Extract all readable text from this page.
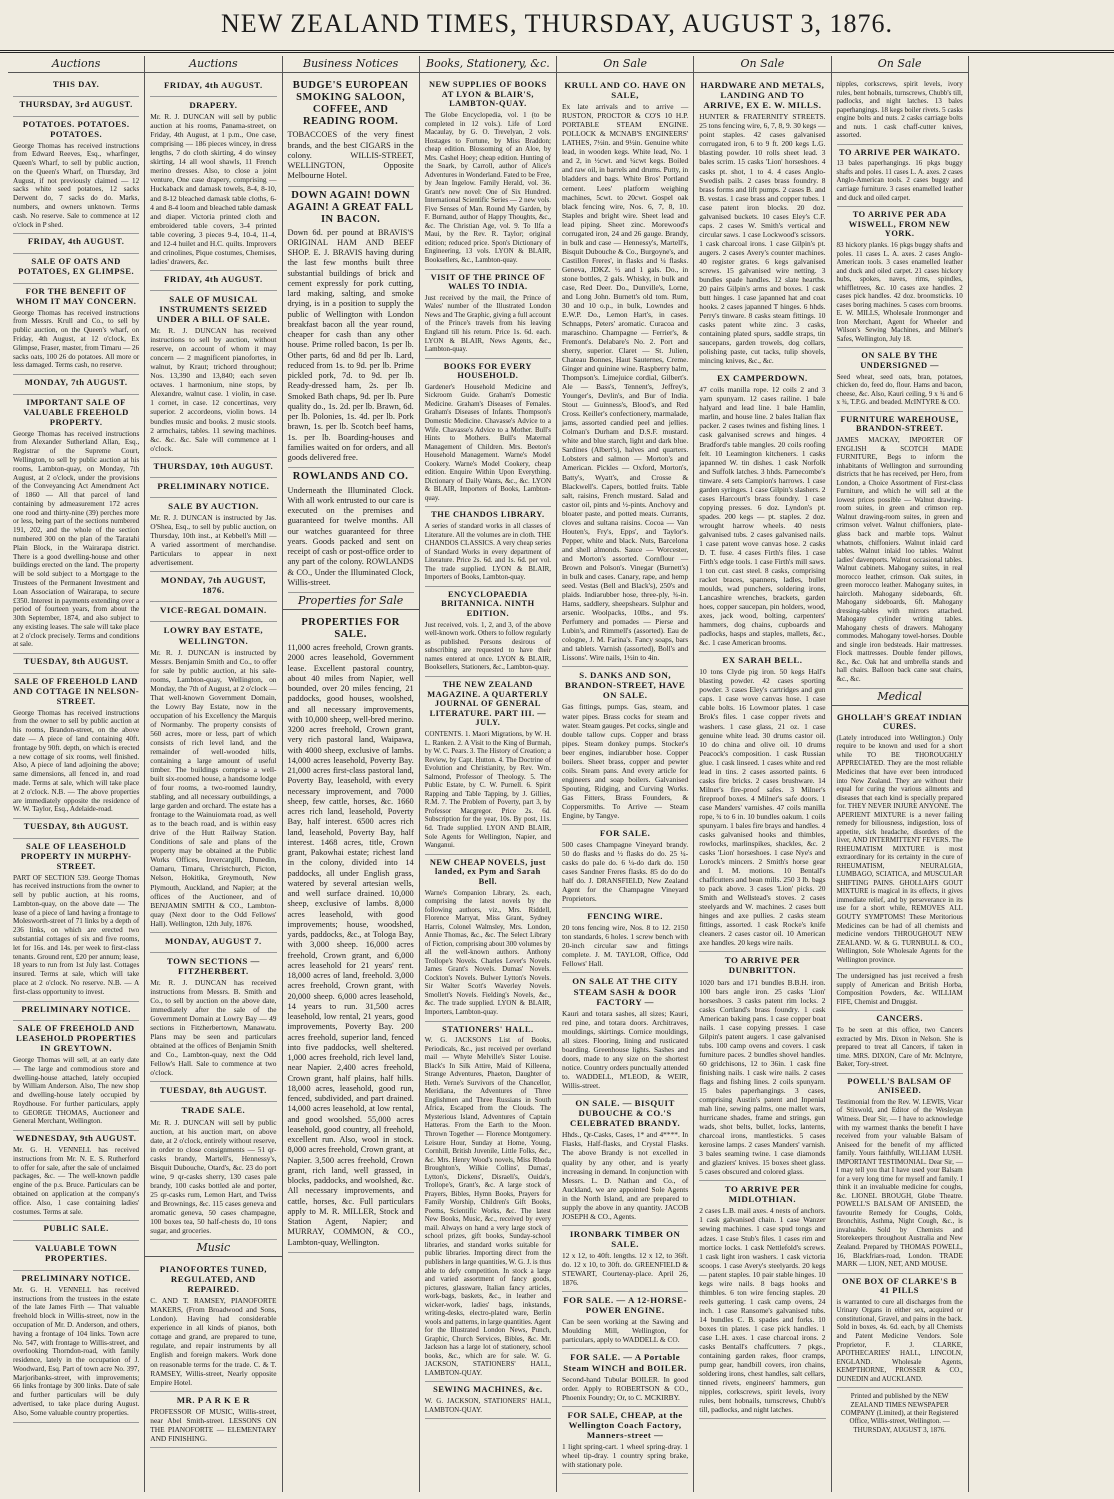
NEW ZEALAND TIMES, THURSDAY, AUGUST 3, 1876.
Auctions
THIS DAY.
THURSDAY, 3rd AUGUST.
POTATOES. POTATOES. POTATOES.
George Thomas has received instructions from Edward Reeves, Esq., wharfinger, Queen's Wharf, to sell by public auction, on the Queen's Wharf, on Thursday, 3rd August, if not previously claimed — 12 sacks white seed potatoes, 12 sacks Derwent do, 7 sacks do do. Marks, numbers, and owners unknown. Terms cash. No reserve. Sale to commence at 12 o'clock in P shed.
FRIDAY, 4th AUGUST.
SALE OF OATS AND POTATOES, EX GLIMPSE.
FOR THE BENEFIT OF WHOM IT MAY CONCERN.
George Thomas has received instructions from Messrs. Krull and Co., to sell by public auction, on the Queen's wharf, on Friday, 4th August, at 12 o'clock, Ex Glimpse, Fraser, master, from Timaru — 26 sacks oats, 100 26 do potatoes. All more or less damaged. Terms cash, no reserve.
MONDAY, 7th AUGUST.
IMPORTANT SALE OF VALUABLE FREEHOLD PROPERTY.
George Thomas has received instructions from Alexander Sutherland Allan, Esq., Registrar of the Supreme Court, Wellington, to sell by public auction at his rooms, Lambton-quay, on Monday, 7th August, at 2 o'clock, under the provisions of the Conveyancing Act Amendment Act of 1860 — All that parcel of land containing by admeasurement 172 acres one rood and thirty-nine (39) perches more or less, being part of the sections numbered 191, 202, and the whole of the section numbered 300 on the plan of the Taratahi Plain Block, in the Wairarapa district. There is a good dwelling-house and other buildings erected on the land. The property will be sold subject to a Mortgage to the Trustees of the Permanent Investment and Loan Association of Wairarapa, to secure £350. Interest in payments extending over a period of fourteen years, from about the 30th September, 1874, and also subject to any existing leases. The sale will take place at 2 o'clock precisely. Terms and conditions at sale.
TUESDAY, 8th AUGUST.
SALE OF FREEHOLD LAND AND COTTAGE IN NELSON-STREET.
George Thomas has received instructions from the owner to sell by public auction at his rooms, Brandon-street, on the above date — A piece of land containing 40ft. frontage by 90ft. depth, on which is erected a new cottage of six rooms, well finished. Also, A piece of land adjoining the above; same dimensions, all fenced in, and road made. Terms at sale, which will take place at 2 o'clock. N.B. — The above properties are immediately opposite the residence of W. W. Taylor, Esq., Adelaide-road.
TUESDAY, 8th AUGUST.
SALE OF LEASEHOLD PROPERTY IN MURPHY-STREET.
PART OF SECTION 539. George Thomas has received instructions from the owner to sell by public auction, at his rooms, Lambton-quay, on the above date — The lease of a piece of land having a frontage to Molesworth-street of 71 links by a depth of 236 links, on which are erected two substantial cottages of six and five rooms, let for 16s. and 14s. per week to first-class tenants. Ground rent, £20 per annum; lease, 18 years to run from 1st July last. Cottages insured. Terms at sale, which will take place at 2 o'clock. No reserve. N.B. — A first-class opportunity to invest.
PRELIMINARY NOTICE.
SALE OF FREEHOLD AND LEASEHOLD PROPERTIES IN GREYTOWN.
George Thomas will sell, at an early date — The large and commodious store and dwelling-house attached, lately occupied by William Anderson. Also, The new shop and dwelling-house lately occupied by Roydhouse. For further particulars, apply to GEORGE THOMAS, Auctioneer and General Merchant, Wellington.
WEDNESDAY, 9th AUGUST.
Mr. G. H. VENNELL has received instructions from Mr. N. E. S. Rutherford to offer for sale, after the sale of unclaimed packages, &c. — The well-known paddle engine of the p.s. Bruce. Particulars can be obtained on application at the company's office. Also, 1 case containing ladies' costumes. Terms at sale.
PUBLIC SALE.
VALUABLE TOWN PROPERTIES.
PRELIMINARY NOTICE.
Mr. G. H. VENNELL has received instructions from the trustees in the estate of the late James Firth — That valuable freehold block in Willis-street, now in the occupation of Mr. D. Anderson, and others, having a frontage of 104 links. Town acre No. 547, with frontage to Willis-street, and overlooking Thorndon-road, with family residence, lately in the occupation of J. Woodward, Esq. Part of town acre No. 397, Marjoribanks-street, with improvements; 66 links frontage by 300 links. Date of sale and further particulars will be duly advertised, to take place during August. Also, Some valuable country properties.
Auctions
FRIDAY, 4th AUGUST.
DRAPERY.
Mr. R. J. DUNCAN will sell by public auction at his rooms, Panama-street, on Friday, 4th August, at 1 p.m., One case, comprising — 186 pieces wincey, in dress lengths, 7 do cloth skirting, 4 do winsey skirting, 14 all wool shawls, 11 French merino dresses. Also, to close a joint venture, One case drapery, comprising — Huckaback and damask towels, 8-4, 8-10, and 8-12 bleached damask table cloths, 6-4 and 8-4 loom and bleached table damask and diaper. Victoria printed cloth and embroidered table covers, 3-4 printed table covering, 3 pieces 9-4, 10-4, 11-4, and 12-4 huilet and H.C. quilts. Improvers and crinolines, Pique costumes, Chemises, ladies' drawers, &c.
FRIDAY, 4th AUGUST.
SALE OF MUSICAL INSTRUMENTS SEIZED UNDER A BILL OF SALE.
Mr. R. J. DUNCAN has received instructions to sell by auction, without reserve, on account of whom it may concern — 2 magnificent pianofortes, in walnut, by Kraut; trichord throughout; Nos. 13,390 and 13,840; each seven octaves. 1 harmonium, nine stops, by Alexandre, walnut case. 1 violin, in case. 1 cornet, in case. 12 concertinas, very superior. 2 accordeons, violin bows. 14 bundles music and books. 2 music stools. 2 armchairs, tables. 11 sewing machines. &c. &c. &c. Sale will commence at 1 o'clock.
THURSDAY, 10th AUGUST.
PRELIMINARY NOTICE.
SALE BY AUCTION.
Mr. R. J. DUNCAN is instructed by Jas. O'Shea, Esq., to sell by public auction, on Thursday, 10th inst., at Kebbell's Mill — A varied assortment of merchandise. Particulars to appear in next advertisement.
MONDAY, 7th AUGUST, 1876.
VICE-REGAL DOMAIN.
LOWRY BAY ESTATE, WELLINGTON.
Mr. R. J. DUNCAN is instructed by Messrs. Benjamin Smith and Co., to offer for sale by public auction, at his sale-rooms, Lambton-quay, Wellington, on Monday, the 7th of August, at 2 o'clock — That well-known Government Domain, the Lowry Bay Estate, now in the occupation of his Excellency the Marquis of Normanby. The property consists of 560 acres, more or less, part of which consists of rich level land, and the remainder of well-wooded hills, containing a large amount of useful timber. The buildings comprise a well-built six-roomed house, a handsome lodge of four rooms, a two-roomed laundry, stabling, and all necessary outbuildings, a large garden and orchard. The estate has a frontage to the Wainuiomata road, as well as to the beach road, and is within easy drive of the Hutt Railway Station. Conditions of sale and plans of the property may be obtained at the Public Works Offices, Invercargill, Dunedin, Oamaru, Timaru, Christchurch, Picton, Nelson, Hokitika, Greymouth, New Plymouth, Auckland, and Napier; at the offices of the Auctioneer, and of BENJAMIN SMITH & CO., Lambton-quay (Next door to the Odd Fellows' Hall). Wellington, 12th July, 1876.
MONDAY, AUGUST 7.
TOWN SECTIONS — FITZHERBERT.
Mr. R. J. DUNCAN has received instructions from Messrs. B. Smith and Co., to sell by auction on the above date, immediately after the sale of the Government Domain at Lowry Bay — 49 sections in Fitzherbertown, Manawatu. Plans may be seen and particulars obtained at the offices of Benjamin Smith and Co., Lambton-quay, next the Odd Fellow's Hall. Sale to commence at two o'clock.
TUESDAY, 8th AUGUST.
TRADE SALE.
Mr. R. J. DUNCAN will sell by public auction, at his auction mart, on above date, at 2 o'clock, entirely without reserve, in order to close consignments — 51 qr-casks brandy, Martell's, Hennessy's, Bisquit Dubouche, Otard's, &c. 23 do port wine, 9 qr-casks sherry, 130 cases pale brandy, 100 casks bottled ale and porter, 25 qr-casks rum, Lemon Hart, and Twiss and Brownings, &c. 115 cases geneva and aromatic geneva, 50 cases champagne, 100 boxes tea, 50 half-chests do, 10 tons sugar, and groceries.
Music
PIANOFORTES TUNED, REGULATED, AND REPAIRED.
C. AND T. RAMSEY, PIANOFORTE MAKERS, (From Broadwood and Sons, London). Having had considerable experience in all kinds of pianos, both cottage and grand, are prepared to tune, regulate, and repair instruments by all English and foreign makers. Work done on reasonable terms for the trade. C. & T. RAMSEY, Willis-street, Nearly opposite Empire Hotel.
MR. P A R K E R
PROFESSOR OF MUSIC, Willis-street, near Abel Smith-street. LESSONS ON THE PIANOFORTE — ELEMENTARY AND FINISHING.
Business Notices
BUDGE'S EUROPEAN SMOKING SALOON, COFFEE, AND READING ROOM.
TOBACCOES of the very finest brands, and the best CIGARS in the colony. WILLIS-STREET, WELLINGTON, Opposite Melbourne Hotel.
DOWN AGAIN! DOWN AGAIN! A GREAT FALL IN BACON.
Down 6d. per pound at BRAVIS'S ORIGINAL HAM AND BEEF SHOP. E. J. BRAVIS having during the last few months built three substantial buildings of brick and cement expressly for pork cutting, lard making, salting, and smoke drying, is in a position to supply the public of Wellington with London breakfast bacon all the year round, cheaper for cash than any other house. Prime rolled bacon, 1s per lb. Other parts, 6d and 8d per lb. Lard, reduced from 1s. to 9d. per lb. Prime pickled pork, 7d. to 9d. per lb. Ready-dressed ham, 2s. per lb. Smoked Bath chaps, 9d. per lb. Pure quality do., 1s. 2d. per lb. Brawn, 6d. per lb. Polonies, 1s. 4d. per lb. Pork brawn, 1s. per lb. Scotch beef hams, 1s. per lb. Boarding-houses and families waited on for orders, and all goods delivered free.
ROWLANDS AND CO.
Underneath the Illuminated Clock. With all work entrusted to our care is executed on the premises and guaranteed for twelve months. All our watches guaranteed for three years. Goods packed and sent on receipt of cash or post-office order to any part of the colony. ROWLANDS & CO., Under the Illuminated Clock, Willis-street.
Properties for Sale
PROPERTIES FOR SALE.
11,000 acres freehold, Crown grants. 2000 acres leasehold, Government lease. Excellent pastoral country, about 40 miles from Napier, well bounded, over 20 miles fencing, 21 paddocks, good houses, woolshed, and all necessary improvements, with 10,000 sheep, well-bred merino. 3200 acres freehold, Crown grant, very rich pastoral land, Waipawa, with 4000 sheep, exclusive of lambs. 14,000 acres leasehold, Poverty Bay. 21,000 acres first-class pastoral land, Poverty Bay, leasehold, with every necessary improvement, and 7000 sheep, few cattle, horses, &c. 1660 acres rich land, leasehold, Poverty Bay, half interest. 6500 acres rich land, leasehold, Poverty Bay, half interest. 1468 acres, title, Crown grant, Pakowhai estate; richest land in the colony, divided into 14 paddocks, all under English grass, watered by several artesian wells, and well surface drained. 10,000 sheep, exclusive of lambs. 8,000 acres leasehold, with good improvements; house, woodshed, yards, paddocks, &c., at Tologa Bay, with 3,000 sheep. 16,000 acres freehold, Crown grant, and 6,000 acres leasehold for 21 years' rent. 18,000 acres of land, freehold. 3,000 acres freehold, Crown grant, with 20,000 sheep. 6,000 acres leasehold, 14 years to run. 31,500 acres leasehold, low rental, 21 years, good improvements, Poverty Bay. 200 acres freehold, superior land, fenced into five paddocks, well sheltered. 1,000 acres freehold, rich level land, near Napier. 2,400 acres freehold, Crown grant, half plains, half hills. 18,000 acres, leasehold, good run, fenced, subdivided, and part drained. 14,000 acres leasehold, at low rental, and good woolshed. 55,000 acres leasehold, good country, all freehold, excellent run. Also, wool in stock. 8,000 acres freehold, Crown grant, at Napier. 3,500 acres freehold, Crown grant, rich land, well grassed, in blocks, paddocks, and woolshed, &c. All necessary improvements, and cattle, horses, &c. Full particulars apply to M. R. MILLER, Stock and Station Agent, Napier; and MURRAY, COMMON, & CO., Lambton-quay, Wellington.
Books, Stationery, &c.
NEW SUPPLIES OF BOOKS AT LYON & BLAIR'S, LAMBTON-QUAY.
The Globe Encyclopedia, vol. 1 (to be completed in 12 vols.). Life of Lord Macaulay, by G. O. Trevelyan, 2 vols. Hostages to Fortune, by Miss Braddon; cheap edition. Blossoming of an Aloe, by Mrs. Cashel Hoey; cheap edition. Hunting of the Snark, by Carroll, author of Alice's Adventures in Wonderland. Fated to be Free, by Jean Ingelow. Family Herald, vol. 36. Grant's new novel: One of Six Hundred. International Scientific Series — 2 new vols. Five Senses of Man. Round My Garden, by F. Burnand, author of Happy Thoughts, &c., &c. The Christian Age, vol. 9. To Ilfa a Maui, by the Rev. R. Taylor; original edition; reduced price. Spon's Dictionary of Engineering, 13 vols. LYON & BLAIR, Booksellers, &c., Lambton-quay.
VISIT OF THE PRINCE OF WALES TO INDIA.
Just received by the mail, the Prince of Wales' number of the Illustrated London News and The Graphic, giving a full account of the Prince's travels from his leaving England till his return. Price 1s. 6d. each. LYON & BLAIR, News Agents, &c., Lambton-quay.
BOOKS FOR EVERY HOUSEHOLD.
Gardener's Household Medicine and Sickroom Guide. Graham's Domestic Medicine. Graham's Diseases of Females. Graham's Diseases of Infants. Thompson's Domestic Medicine. Chavasse's Advice to a Wife. Chavasse's Advice to a Mother. Bull's Hints to Mothers. Bull's Maternal Management of Children. Mrs. Beeton's Household Management. Warne's Model Cookery. Warne's Model Cookery, cheap edition. Enquire Within Upon Everything. Dictionary of Daily Wants, &c., &c. LYON & BLAIR, Importers of Books, Lambton-quay.
THE CHANDOS LIBRARY.
A series of standard works in all classes of Literature. All the volumes are in cloth. THE CHANDOS CLASSICS. A very cheap series of Standard Works in every department of Literature. Price 2s. 6d. and 1s. 6d. per vol. The trade supplied. LYON & BLAIR, Importers of Books, Lambton-quay.
ENCYCLOPAEDIA BRITANNICA. NINTH EDITION.
Just received, vols. 1, 2, and 3, of the above well-known work. Others to follow regularly as published. Persons desirous of subscribing are requested to have their names entered at once. LYON & BLAIR, Booksellers, Stationers, &c., Lambton-quay.
THE NEW ZEALAND MAGAZINE. A QUARTERLY JOURNAL OF GENERAL LITERATURE. PART III. — JULY.
CONTENTS. 1. Maori Migrations, by W. H. L. Ranken. 2. A Visit to the King of Burmah, by W. C. Pears. 3. The History of Creation; a Review, by Capt. Hutton. 4. The Doctrine of Evolution and Christianity, by Rev. Wm. Salmond, Professor of Theology. 5. The Public Estate, by C. W. Purnell. 6. Spirit Rapping and Table Tapping, by J. Gillies, R.M. 7. The Problem of Poverty, part 3, by Professor Macgregor. Price 2s. 6d. Subscription for the year, 10s. By post, 11s. 6d. Trade supplied. LYON AND BLAIR, Sole Agents for Wellington, Napier, and Wanganui.
NEW CHEAP NOVELS, just landed, ex Pym and Sarah Bell.
Warne's Companion Library, 2s. each, comprising the latest novels by the following authors, viz., Mrs. Riddell, Florence Marryat, Miss Grant, Sydney Harris, Colonel Walmsley, Mrs. London, Annie Thomas, &c., &c. The Select Library of Fiction, comprising about 300 volumes by all the well-known authors. Anthony Trollope's Novels. Charles Lever's Novels. James Grant's Novels. Dumas' Novels. Cockton's Novels. Bulwer Lytton's Novels. Sir Walter Scott's Waverley Novels. Smollett's Novels. Fielding's Novels, &c., &c. The trade supplied. LYON & BLAIR, Importers, Lambton-quay.
STATIONERS' HALL.
W. G. JACKSON'S List of Books, Periodicals, &c., just received per overland mail — Whyte Melville's Sister Louise. Black's In Silk Attire, Maid of Killeena, Strange Adventures, Phaeton, Daughter of Heth. Verne's Survivors of the Chancellor, Meridiana, the Adventures of Three Englishmen and Three Russians in South Africa, Escaped from the Clouds. The Mysterious Island, Adventures of Captain Hatteras. From the Earth to the Moon. Thrown Together — Florence Montgomery. Leisure Hour, Sunday at Home, Young, Cornhill, British Juvenile, Little Folks, &c., &c. Mrs. Henry Wood's novels, Miss Rhoda Broughton's, Wilkie Collins', Dumas', Lytton's, Dickens', Disraeli's, Ouida's, Trollope's, Grant's, &c. A large stock of Prayers, Bibles, Hymn Books, Prayers for Family Worship, Children's Gift Books, Poems, Scientific Works, &c. The latest New Books, Music, &c., received by every mail. Always on hand a very large stock of school prizes, gift books, Sunday-school libraries, and standard works suitable for public libraries. Importing direct from the publishers in large quantities, W. G. J. is thus able to defy competition. In stock a large and varied assortment of fancy goods, pictures, glassware, Italian fancy articles, work-bags, baskets, &c., in leather and wicker-work, ladies' bags, inkstands, writing-desks, electro-plated ware, Berlin wools and patterns, in large quantities. Agent for the Illustrated London News, Punch, Graphic, Church Services, Bibles, &c. Mr. Jackson has a large lot of stationery, school books, &c., which are for sale. W. G. JACKSON, STATIONERS' HALL, LAMBTON-QUAY.
SEWING MACHINES, &c.
W. G. JACKSON, STATIONERS' HALL, LAMBTON-QUAY.
On Sale
KRULL AND CO. HAVE ON SALE,
Ex late arrivals and to arrive — RUSTON, PROCTOR & CO'S 10 H.P. PORTABLE STEAM ENGINE. POLLOCK & MCNAB'S ENGINEERS' LATHES, 7½in. and 9½in. Genuine white lead, in wooden kegs. White lead, No. 1 and 2, in ½cwt. and ¼cwt kegs. Boiled and raw oil, in barrels and drums. Putty, in bladders and bags. White Bros' Portland cement. Lees' platform weighing machines, 5cwt. to 20cwt. Gospel oak black fencing wire, Nos. 6, 7, 8, 10. Staples and bright wire. Sheet lead and lead piping. Sheet zinc. Morewood's corrugated iron, 24 and 26 gauge. Brandy, in bulk and case — Hennessy's, Martell's, Bisquit Dubouche & Co., Burgoyne's, and Castillon Freres', in flasks and ¼ flasks. Geneva, JDKZ. ½ and 1 gals. Do., in stone bottles, 2 gals. Whisky, in bulk and case, Red Deer. Do., Dunville's, Lorne, and Long John. Burnett's old tom. Rum, 30 and 10 o.p., in bulk, Lowndes and E.W.P. Do., Lemon Hart's, in cases. Schnapps, Peters' aromatic. Curacoa and maraschino. Champagne — Ferrier's, & Fremont's. Delabare's No. 2. Port and sherry, superior. Claret — St. Julien, Chateau Bonnes, Haut Sauternes, Creme. Ginger and quinine wine. Raspberry balm, Thompson's. Limejuice cordial, Gilbert's. Ale — Bass's, Tennent's, Jeffrey's, Younger's, Devlin's, and Bur of India. Stout — Guinness's, Blood's, and Red Cross. Keiller's confectionery, marmalade, jams, assorted candied peel and jellies. Colman's Durham and D.S.F. mustard. white and blue starch, light and dark blue. Sardines (Albert's), halves and quarters. Lobsters and salmon — Morton's and American. Pickles — Oxford, Morton's, Batty's, Wyatt's, and Crosse & Blackwell's. Capers, bottled fruits. Table salt, raisins, French mustard. Salad and castor oil, pints and ½-pints. Anchovy and bloater paste, and potted meats. Currants, cloves and sultana raisins. Cocoa — Van Houten's, Fry's, Epps', and Taylor's. Pepper, white and black. Nuts, Barcelona and shell almonds. Sauce — Worcester, and Morton's assorted. Cornflour — Brown and Polson's. Vinegar (Burnett's) in bulk and cases. Canary, rape, and hemp seed. Vestas (Bell and Black's), 250's and plaids. Indiarubber hose, three-ply, ¾-in. Hams, saddlery, sheepshears. Sulphur and arsenic. Woolpacks, 10lbs., and 9's. Perfumery and pomades — Pierse and Lubin's, and Rimmell's (assorted). Eau de cologne, J. M. Farina's. Fancy soaps, bars and tablets. Varnish (assorted), Boll's and Lissons'. Wire nails, 1½in to 4in.
S. DANKS AND SON, BRANDON-STREET, HAVE ON SALE.
Gas fittings, pumps. Gas, steam, and water pipes. Brass cocks for steam and water. Steam gauges. Pet cocks, single and double tallow cups. Copper and brass pipes. Steam donkey pumps. Stocker's beer engines, indiarubber hose. Copper boilers. Sheet brass, copper and pewter coils. Steam pans. And every article for engineers and soap boilers. Galvanised Spouting, Ridging, and Curving Works. Gas Fitters, Brass Founders, & Coppersmiths. To Arrive — Steam Engine, by Tangye.
FOR SALE.
500 cases Champagne Vineyard brandy. 50 do flasks and ½ flasks do do. 25 ¼-casks do pale do. 6 ¼-do dark do. 150 cases Sandner Freres flasks. 85 do do do half do. J. DRANSFIELD, New Zealand Agent for the Champagne Vineyard Proprietors.
FENCING WIRE.
20 tons fencing wire, Nos. 8 to 12. 2150 ton standards, 6 holes. 1 screw bench with 20-inch circular saw and fittings complete. J. M. TAYLOR, Office, Odd Fellows' Hall.
ON SALE AT THE CITY STEAM SASH & DOOR FACTORY —
Kauri and totara sashes, all sizes; Kauri, red pine, and totara doors. Architraves, mouldings, skirtings. Cornice mouldings, all sizes. Flooring, lining and rusticated boarding. Greenhouse lights. Sashes and doors, made to any size on the shortest notice. Country orders punctually attended to. WADDELL, M'LEOD, & WEIR, Willis-street.
ON SALE. — BISQUIT DUBOUCHE & CO.'S CELEBRATED BRANDY.
Hhds., Qr-Casks, Cases, 1* and 4****. In Flasks, Half-flasks, and Crystal Flasks. The above Brandy is not excelled in quality by any other, and is yearly increasing in demand. In conjunction with Messrs. L. D. Nathan and Co., of Auckland, we are appointed Sole Agents in the North Island, and are prepared to supply the above in any quantity. JACOB JOSEPH & CO., Agents.
IRONBARK TIMBER ON SALE.
12 x 12, to 40ft. lengths. 12 x 12, to 36ft. do. 12 x 10, to 30ft. do. GREENFIELD & STEWART, Courtenay-place. April 26, 1876.
FOR SALE. — A 12-HORSE-POWER ENGINE.
Can be seen working at the Sawing and Moulding Mill, Wellington, for particulars, apply to WADDELL & CO.
FOR SALE. — A Portable Steam WINCH and BOILER.
Second-hand Tubular BOILER. In good order. Apply to ROBERTSON & CO., Phoenix Foundry; Or, to C. MCKIRBY.
FOR SALE, CHEAP, at the Wellington Coach Factory, Manners-street —
1 light spring-cart. 1 wheel spring-dray. 1 wheel tip-dray. 1 country spring brake, with stationary pole.
On Sale
HARDWARE AND METALS, LANDING AND TO ARRIVE, EX E. W. MILLS.
HUNTER & FRATERNITY STREETS. 25 tons fencing wire, 6, 7, 8, 9. 30 kegs — point staples. 42 cases galvanised corrugated iron, 6 to 9 ft. 200 kegs L.G. blasting powder. 10 rolls sheet lead. 3 bales scrim. 15 casks 'Lion' horseshoes. 4 casks pt. shot, 1 to 4. 4 cases Anglo-Swedish pails. 2 cases brass foundry. 8 brass forms and lift pumps. 2 cases B. and B. vestas. 1 case brass and copper tubes. 1 case patent iron blocks. 20 doz. galvanised buckets. 10 cases Eley's C.F. caps. 2 cases W. Smith's vertical and circular saws. 1 case Lockwood's scissors. 1 cask charcoal irons. 1 case Gilpin's pt. augers. 2 cases Avery's counter machines. 40 register grates. 6 kegs galvanised screws. 15 galvanised wire netting. 3 bundles spade handles. 12 slate hearths. 20 pairs Gilpin's arms and boxes. 1 cask butt hinges. 1 case japanned hat and coat hooks. 2 cases japanned T hinges. 6 hhds. Perry's tinware. 8 casks steam fittings. 10 casks patent white zinc. 3 casks, containing plated spurs, saddle straps, tin saucepans, garden trowels, dog collars, polishing paste, cut tacks, tulip shovels, mincing knives, &c., &c.
EX CAMPERDOWN.
47 coils manilla rope. 12 coils 2 and 3 yarn spunyarn. 12 cases railine. 1 bale halyard and lead line. 1 bale Hamlin, marlin, and house line. 2 bales Italian flax packer. 2 cases twines and fishing lines. 1 cask galvanised screws and hinges. 4 Bradford's table mangles. 20 coils roofing felt. 10 Leamington kitcheners. 1 casks japanned W. tin dishes. 1 cask Norfolk and Suffolk latches. 3 hhds. Parnecombe's tinware. 4 sets Campion's harrows. 1 case garden syringes. 1 case Gilpin's slashers. 2 cases Harcourt's brass foundry. 1 case copying presses. 6 doz. Lyndon's pt. spades. 200 kegs — pt. staples. 2 doz. wrought harrow wheels. 40 nests galvanised tubs. 2 cases galvanised nails. 1 case patent wove canvas hose. 2 casks D. T. fuse. 4 cases Firth's files. 1 case Firth's edge tools. 1 case Firth's mill saws. 1 ton cut. cast steel. 8 casks, comprising racket braces, spanners, ladles, bullet moulds, wad punchers, soldering irons, Lancashire wrenches, brackets, garden hoes, copper saucepan, pin holders, wood, axes, jack wood, bolting, carpenters' hammers, dog chains, cupboards and padlocks, hasps and staples, mallets, &c., &c. 1 case American brooms.
EX SARAH BELL.
10 tons Clyde pig iron. 50 kegs Hall's blasting powder. 42 cases sporting powder. 3 cases Eley's cartridges and gun caps. 1 case wove canvas hose. 1 case cable bolts. 16 Lowmoor plates. 1 case Brok's files. 1 case copper rivets and washers. 1 case glass, 21 oz. 1 case genuine white lead. 30 drums castor oil. 10 do china and olive oil. 10 drums Peacock's composition. 1 cask Russian glue. 1 cask linseed. 1 cases white and red lead in tins. 2 cases assorted paints. 6 casks fire bricks. 2 cases brushware. 14 Milner's fire-proof safes. 3 Milner's fireproof boxes. 4 Milner's safe doors. 1 case Manders' varnishes. 47 coils manilla rope, ¾ to 6 in. 10 bundles oakum. 1 coils spunyarn. 1 bales fire brays and handles. 4 casks galvanised hooks and thimbles, rowlocks, marlinspikes, shackles, &c. 2 casks 'Lion' horseshoes. 1 case Nye's and Lorock's mincers. 2 Smith's horse gear and I. M. motions. 10 Bentall's chaffcutters and bean mills. 250 3 lb. bags to pack above. 3 cases 'Lion' picks. 20 Smith and Wellstead's stoves. 2 cases steelyards and W. machines. 2 cases butt hinges and axe pullies. 2 casks steam fittings, assorted. 1 cask Rocke's knife cleaners. 2 cases castor oil. 10 American axe handles. 20 kegs wire nails.
TO ARRIVE PER DUNBRITTON.
1020 bars and 171 bundles B.B.H. iron. 100 bars angle iron. 25 casks 'Lion' horseshoes. 3 casks patent rim locks. 2 casks Cortland's brass foundry. 1 cask American baking pans. 1 case copper boat nails. 1 case copying presses. 1 case Gilpin's patent augers. 1 case galvanised tubs. 100 camp ovens and covers. 1 cask furniture paces. 2 bundles shovel handles. 60 gridchisons, 12 to 36in. 1 cask fine finishing nails. 1 cask wire nails. 2 cases flags and fishing lines. 2 coils spunyarn. 15 bales paperhangings. 3 cases, comprising Austin's patent and Inpenial mah line, sewing palms, one mallet wars, hurricane shades, frame and strings, gun wads, shot belts, bullet, locks, lanterns, charcoal irons, mantlesticks. 5 cases kerosine lamps. 2 cases Manders' varnish. 3 bales seaming twine. 1 case diamonds and glaziers' knives. 15 boxes sheet glass. 5 cases obscured and colored glass.
TO ARRIVE PER MIDLOTHIAN.
2 cases L.B. mail axes. 4 nests of anchors. 1 cask galvanised chain. 1 case Wanzer sewing machines. 1 case spud tongs and adzes. 1 case Stub's files. 1 cases rim and mortice locks. 1 cask Nettlefold's screws. 1 cask light iron washers. 1 cask victoria scoops. 1 case Avery's steelyards. 20 kegs — patent staples. 10 pair stable hinges. 10 kegs wire nails. 8 bags hooks and thimbles. 6 ton wire fencing staples. 20 reels guttering. 1 cask camp ovens, 24 inch. 1 case Ransome's galvanised tubs. 14 bundles C. B. spades and forks. 10 boxes tin plates. 1 case pick handles. 1 case L.H. axes. 1 case charcoal irons. 2 casks Bentall's chaffcutters. 7 pkgs., containing garden rakes, floor cramps, pump gear, handbill covers, iron chains, soldering irons, chest handles, salt cellars, tinned rivets, engineers' hammers, gun nipples, corkscrews, spirit levels, ivory rules, bent hobnails, turnscrews, Chubb's till, padlocks, and night latches.
On Sale
nipples, corkscrews, spirit levels, ivory rules, bent hobnails, turnscrews, Chubb's till, padlocks, and night latches. 13 bales paperhangings. 18 kegs boiler rivets. 5 casks engine bolts and nuts. 2 casks carriage bolts and nuts. 1 cask chaff-cutter knives, assorted.
TO ARRIVE PER WAIKATO.
13 bales paperhangings. 16 pkgs buggy shafts and poles. 11 cases L. A. axes. 2 cases Anglo-American tools. 2 cases buggy and carriage furniture. 3 cases enamelled leather and duck and oiled carpet.
TO ARRIVE PER ADA WISWELL, FROM NEW YORK.
83 hickory planks. 16 pkgs buggy shafts and poles. 11 cases L. A. axes. 2 cases Anglo-American tools. 3 cases enamelled leather and duck and oiled carpet. 21 cases hickory hubs, spokes, naves, rims, spindles, whiffletrees, &c. 10 cases axe handles. 2 cases pick handles. 42 doz. broomsticks. 10 cases boring machines. 5 cases corn brooms. E. W. MILLS, Wholesale Ironmonger and Iron Merchant, Agent for Wheeler and Wilson's Sewing Machines, and Milner's Safes, Wellington, July 18.
ON SALE BY THE UNDERSIGNED —
Seed wheat, seed oats, bran, potatoes, chicken do, feed do, flour. Hams and bacon, cheese, &c. Also, Kauri ceiling, 9 x ¾ and 6 x ¾, T.P.G. and beaded. McINTYRE & CO.
FURNITURE WAREHOUSE, BRANDON-STREET.
JAMES MACKAY, IMPORTER OF ENGLISH & SCOTCH MADE FURNITURE, Begs to inform the inhabitants of Wellington and surrounding districts that he has received, per Hero, from London, a Choice Assortment of First-class Furniture, and which he will sell at the lowest prices possible — Walnut drawing-room suites, in green and crimson rep. Walnut drawing-room suites, in green and crimson velvet. Walnut chiffoniers, plate-glass back and marble tops. Walnut whatnots, chiffoniers. Walnut inlaid card tables. Walnut inlaid loo tables. Walnut ladies' davenports. Walnut occasional tables. Walnut cabinets. Mahogany suites, in real morocco leather, crimson. Oak suites, in green morocco leather. Mahogany suites, in haircloth. Mahogany sideboards, 6ft. Mahogany sideboards, 6ft. Mahogany dressing-tables with mirrors attached. Mahogany cylinder writing tables. Mahogany chests of drawers. Mahogany commodes. Mahogany towel-horses. Double and single iron bedsteads. Hair mattresses. Flock mattresses. Double fender pillows, &c., &c. Oak hat and umbrella stands and hall chairs. Balloon back cane seat chairs, &c., &c.
Medical
GHOLLAH'S GREAT INDIAN CURES.
(Lately introduced into Wellington.) Only require to be known and used for a short while TO BE THOROUGHLY APPRECIATED. They are the most reliable Medicines that have ever been introduced into New Zealand. They are without their equal for curing the various ailments and diseases that each kind is specially prepared for. THEY NEVER INJURE ANYONE. The APERIENT MIXTURE is a never failing remedy for biliousness, indigestion, loss of appetite, sick headache, disorders of the liver, AND INTERMITTENT FEVERS. The RHEUMATISM MIXTURE is most extraordinary for its certainty in the cure of RHEUMATISM, NEURALGIA, LUMBAGO, SCIATICA, and MUSCULAR SHIFTING PAINS. GHOLLAH'S GOUT MIXTURE is magical in its effects, it gives immediate relief, and by perseverance in its use for a short while, REMOVES ALL GOUTY SYMPTOMS! These Meritorious Medicines can be had of all chemists and medicine vendors THROUGHOUT NEW ZEALAND. W. & G. TURNBULL & CO., Wellington, Sole Wholesale Agents for the Wellington province.
The undersigned has just received a fresh supply of American and British Horba, Composition Powders, &c. WILLIAM FIFE, Chemist and Druggist.
CANCERS.
To be seen at this office, two Cancers extracted by Mrs. Dixon in Nelson. She is prepared to treat all Cancers, if taken in time. MRS. DIXON, Care of Mr. McIntyre, Baker, Tory-street.
POWELL'S BALSAM OF ANISEED.
Testimonial from the Rev. W. LEWIS, Vicar of Stixwold, and Editor of the Wesleyan Witness. Dear Sir, — I have to acknowledge with my warmest thanks the benefit I have received from your valuable Balsam of Aniseed for the benefit of my afflicted family. Yours faithfully, WILLIAM LUSH. IMPORTANT TESTIMONIAL. Dear Sir, — I may tell you that I have used your Balsam for a very long time for myself and family. I think it an invaluable medicine for coughs, &c. LIONEL BROUGH, Globe Theatre. POWELL'S BALSAM OF ANISEED, the favourite Remedy for Coughs, Colds, Bronchitis, Asthma, Night Cough, &c., is invaluable. Sold by Chemists and Storekeepers throughout Australia and New Zealand. Prepared by THOMAS POWELL, 16, Blackfriars-road, London. TRADE MARK — LION, NET, AND MOUSE.
ONE BOX OF CLARKE'S B 41 PILLS
is warranted to cure all discharges from the Urinary Organs in either sex, acquired or constitutional, Gravel, and pains in the back. Sold in boxes, 4s. 6d. each, by all Chemists and Patent Medicine Vendors. Sole Proprietor, F. J. CLARKE, APOTHECARIES' HALL, LINCOLN, ENGLAND. Wholesale Agents, KEMPTHORNE, PROSSER & CO., DUNEDIN and AUCKLAND.
Printed and published by the NEW ZEALAND TIMES NEWSPAPER COMPANY (Limited), at their Registered Office, Willis-street, Wellington. — THURSDAY, AUGUST 3, 1876.
